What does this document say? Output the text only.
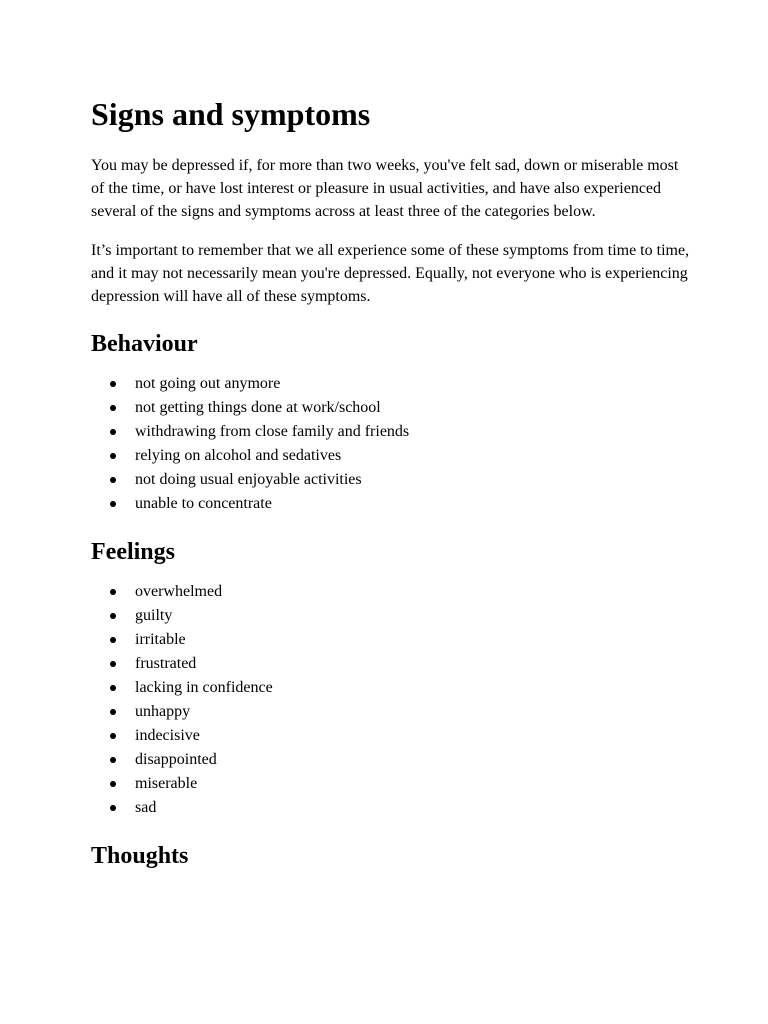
Signs and symptoms

You may be depressed if, for more than two weeks, you've felt sad, down or miserable most of the time, or have lost interest or pleasure in usual activities, and have also experienced several of the signs and symptoms across at least three of the categories below.

It’s important to remember that we all experience some of these symptoms from time to time, and it may not necessarily mean you're depressed. Equally, not everyone who is experiencing depression will have all of these symptoms.

Behaviour
not going out anymore
not getting things done at work/school
withdrawing from close family and friends
relying on alcohol and sedatives
not doing usual enjoyable activities
unable to concentrate
Feelings
overwhelmed
guilty
irritable
frustrated
lacking in confidence
unhappy
indecisive
disappointed
miserable
sad
Thoughts
